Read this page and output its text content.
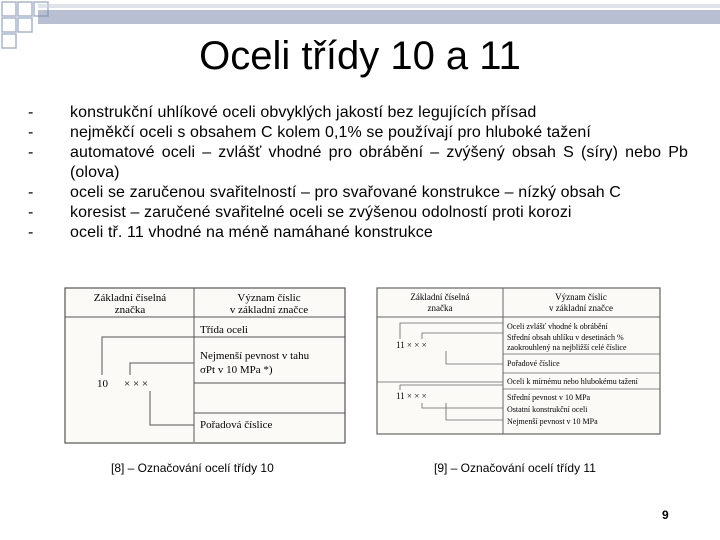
Oceli třídy 10 a 11
- konstrukční uhlíkové oceli obvyklých jakostí bez legujících přísad
- nejměkčí oceli s obsahem C kolem 0,1% se používají pro hluboké tažení
- automatové oceli – zvlášť vhodné pro obrábění – zvýšený obsah S (síry) nebo Pb (olova)
- oceli se zaručenou svařitelností – pro svařované konstrukce – nízký obsah C
- koresist – zaručené svařitelné oceli se zvýšenou odolností proti korozi
- oceli tř. 11 vhodné na méně namáhané konstrukce
Základní číselná
značka
Význam číslic
v základní značce
Třída oceli
Nejmenší pevnost v tahu
σPt v 10 MPa *)
Pořadová číslice
10 × × ×
[8] – Označování ocelí třídy 10
Základní číselná
značka
Význam číslic
v základní značce
Oceli zvlášť vhodné k obrábění
Střední obsah uhlíku v desetinách %
zaokrouhlený na nejbližší celé číslice
Pořadové číslice
Oceli k mírnému nebo hlubokému tažení
Střední pevnost v 10 MPa
Ostatní konstrukční oceli
Nejmenší pevnost v 10 MPa
11 × × ×
11 × × ×
[9] – Označování ocelí třídy 11
9
